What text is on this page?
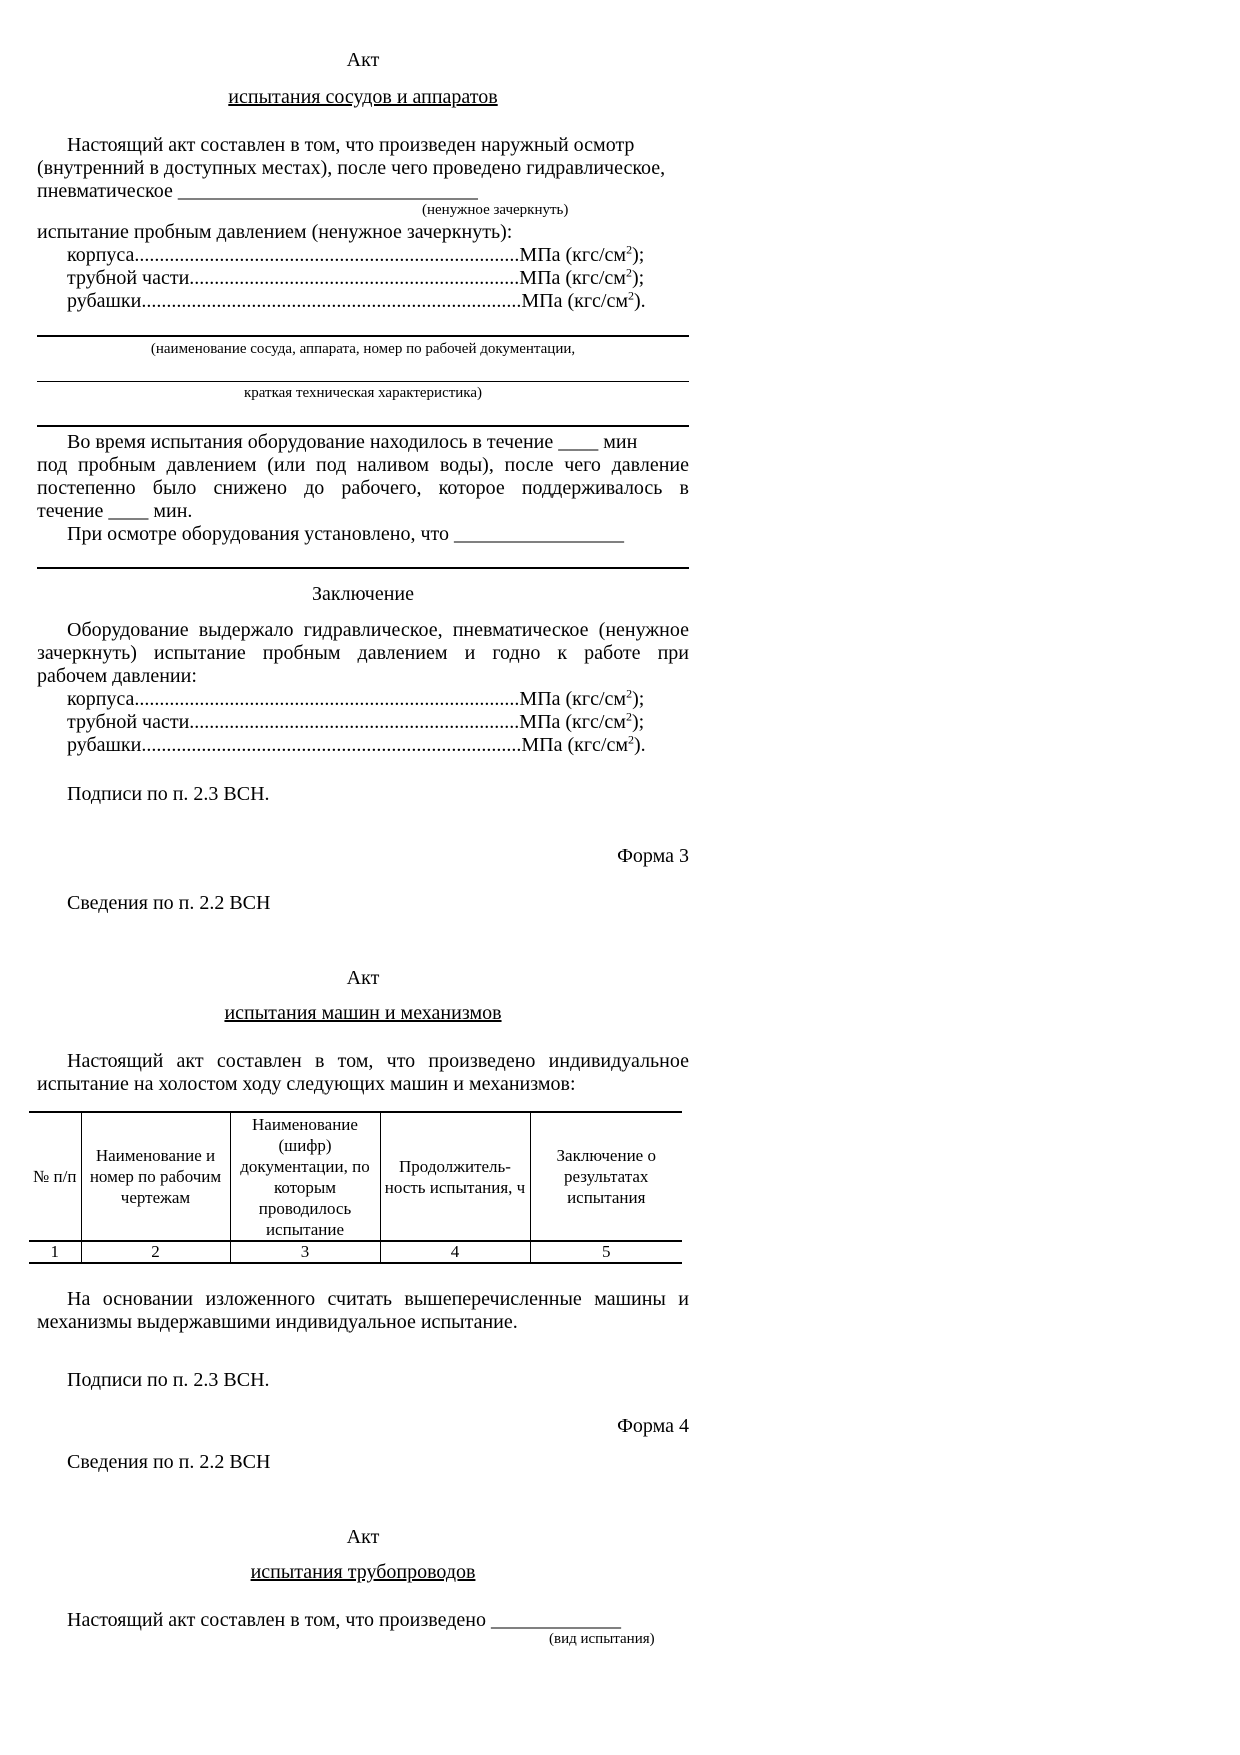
Акт
испытания сосудов и аппаратов
Настоящий акт составлен в том, что произведен наружный осмотр
(внутренний в доступных местах), после чего проведено гидравлическое,
пневматическое ______________________________
(ненужное зачеркнуть)
испытание пробным давлением (ненужное зачеркнуть):
корпуса.............................................................................МПа $(кгс/см^2)$;
трубной части..................................................................МПа $(кгс/см^2)$;
рубашки............................................................................МПа $(кгс/см^2)$.
(наименование сосуда, аппарата, номер по рабочей документации,
краткая техническая характеристика)
Во время испытания оборудование находилось в течение ____ мин
под пробным давлением (или под наливом воды), после чего давление
постепенно было снижено до рабочего, которое поддерживалось в
течение ____ мин.
При осмотре оборудования установлено, что _________________
Заключение
Оборудование выдержало гидравлическое, пневматическое (ненужное
зачеркнуть) испытание пробным давлением и годно к работе при
рабочем давлении:
корпуса.............................................................................МПа $(кгс/см^2)$;
трубной части..................................................................МПа $(кгс/см^2)$;
рубашки............................................................................МПа $(кгс/см^2)$.
Подписи по п. 2.3 ВСН.
Форма 3
Сведения по п. 2.2 ВСН
Акт
испытания машин и механизмов
Настоящий акт составлен в том, что произведено индивидуальное
испытание на холостом ходу следующих машин и механизмов:
№ п/п	Наименование и номер по рабочим чертежам	Наименование (шифр) документации, по которым проводилось испытание	Продолжитель-ность испытания, ч	Заключение о результатах испытания
1	2	3	4	5
На основании изложенного считать вышеперечисленные машины и
механизмы выдержавшими индивидуальное испытание.
Подписи по п. 2.3 ВСН.
Форма 4
Сведения по п. 2.2 ВСН
Акт
испытания трубопроводов
Настоящий акт составлен в том, что произведено _____________
(вид испытания)
